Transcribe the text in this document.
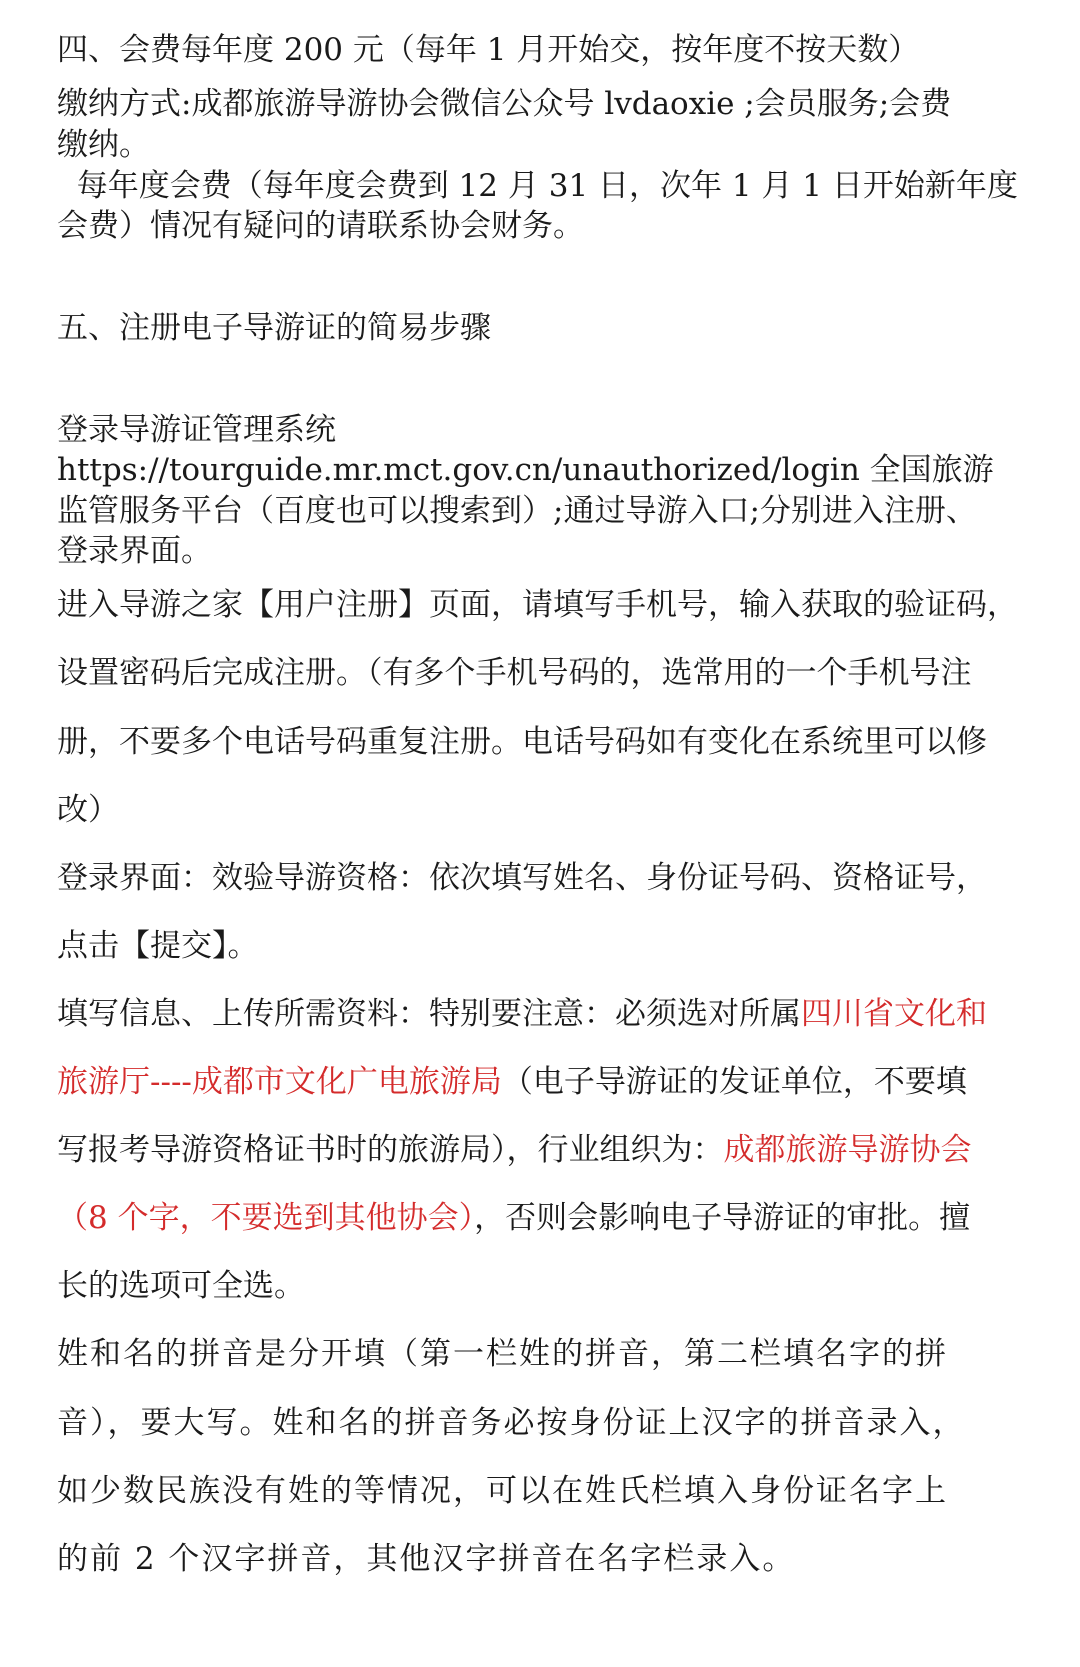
四、会费每年度 200 元（每年 1 月开始交，按年度不按天数）
缴纳方式:成都旅游导游协会微信公众号 lvdaoxie ;会员服务;会费
缴纳。
每年度会费（每年度会费到 12 月 31 日，次年 1 月 1 日开始新年度
会费）情况有疑问的请联系协会财务。
五、注册电子导游证的简易步骤
登录导游证管理系统
https://tourguide.mr.mct.gov.cn/unauthorized/login 全国旅游
监管服务平台（百度也可以搜索到）;通过导游入口;分别进入注册、
登录界面。
进入导游之家【用户注册】页面，请填写手机号，输入获取的验证码，
设置密码后完成注册。（有多个手机号码的，选常用的一个手机号注
册，不要多个电话号码重复注册。电话号码如有变化在系统里可以修
改）
登录界面：效验导游资格：依次填写姓名、身份证号码、资格证号，
点击【提交】。
填写信息、上传所需资料：特别要注意：必须选对所属四川省文化和
旅游厅----成都市文化广电旅游局（电子导游证的发证单位，不要填
写报考导游资格证书时的旅游局），行业组织为：成都旅游导游协会
（8 个字，不要选到其他协会），否则会影响电子导游证的审批。擅
长的选项可全选。
姓和名的拼音是分开填（第一栏姓的拼音，第二栏填名字的拼
音），要大写。姓和名的拼音务必按身份证上汉字的拼音录入，
如少数民族没有姓的等情况，可以在姓氏栏填入身份证名字上
的前 2 个汉字拼音，其他汉字拼音在名字栏录入。
